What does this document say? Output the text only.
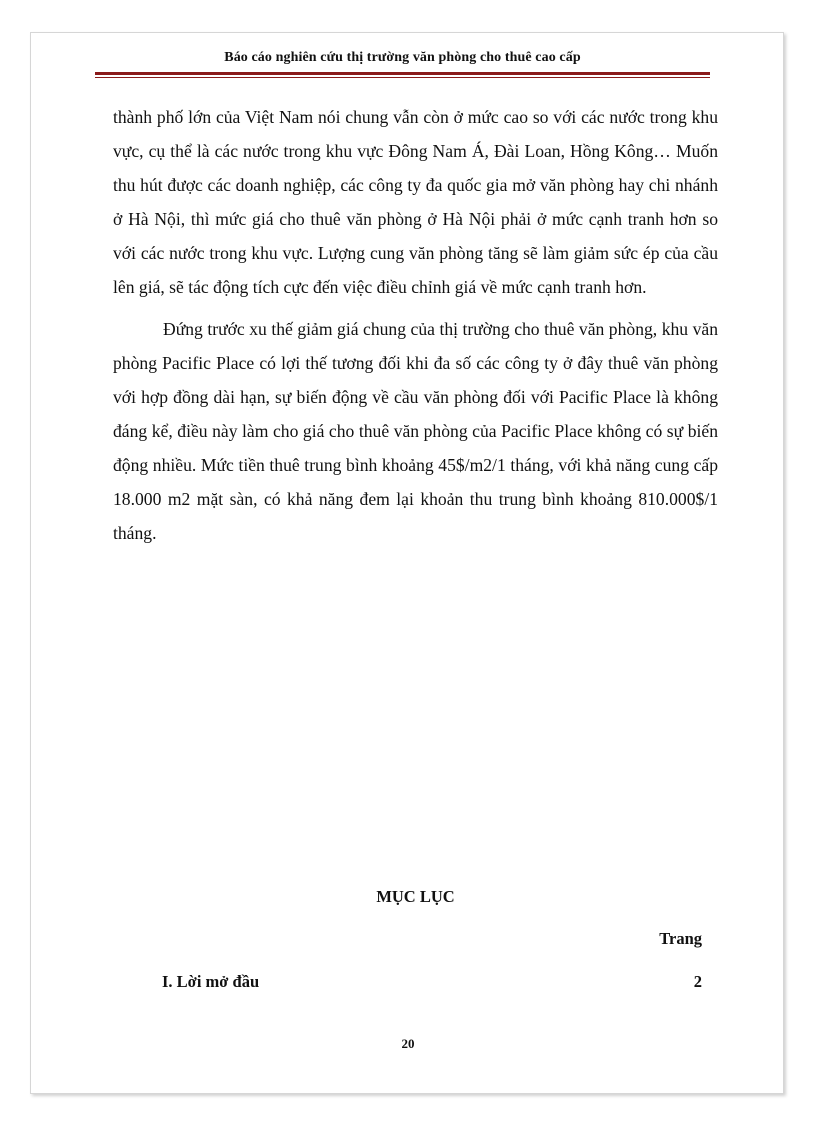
Báo cáo nghiên cứu thị trường văn phòng cho thuê cao cấp

thành phố lớn của Việt Nam nói chung vẫn còn ở mức cao so với các nước trong khu vực, cụ thể là các nước trong khu vực Đông Nam Á, Đài Loan, Hồng Kông… Muốn thu hút được các doanh nghiệp, các công ty đa quốc gia mở văn phòng hay chi nhánh ở Hà Nội, thì mức giá cho thuê văn phòng ở Hà Nội phải ở mức cạnh tranh hơn so với các nước trong khu vực. Lượng cung văn phòng tăng sẽ làm giảm sức ép của cầu lên giá, sẽ tác động tích cực đến việc điều chỉnh giá về mức cạnh tranh hơn.

Đứng trước xu thế giảm giá chung của thị trường cho thuê văn phòng, khu văn phòng Pacific Place có lợi thế tương đối khi đa số các công ty ở đây thuê văn phòng với hợp đồng dài hạn, sự biến động về cầu văn phòng đối với Pacific Place là không đáng kể, điều này làm cho giá cho thuê văn phòng của Pacific Place không có sự biến động nhiều. Mức tiền thuê trung bình khoảng 45$/m2/1 tháng, với khả năng cung cấp 18.000 m2 mặt sàn, có khả năng đem lại khoản thu trung bình khoảng 810.000$/1 tháng.

MỤC LỤC
Trang
I. Lời mở đầu	2
20
